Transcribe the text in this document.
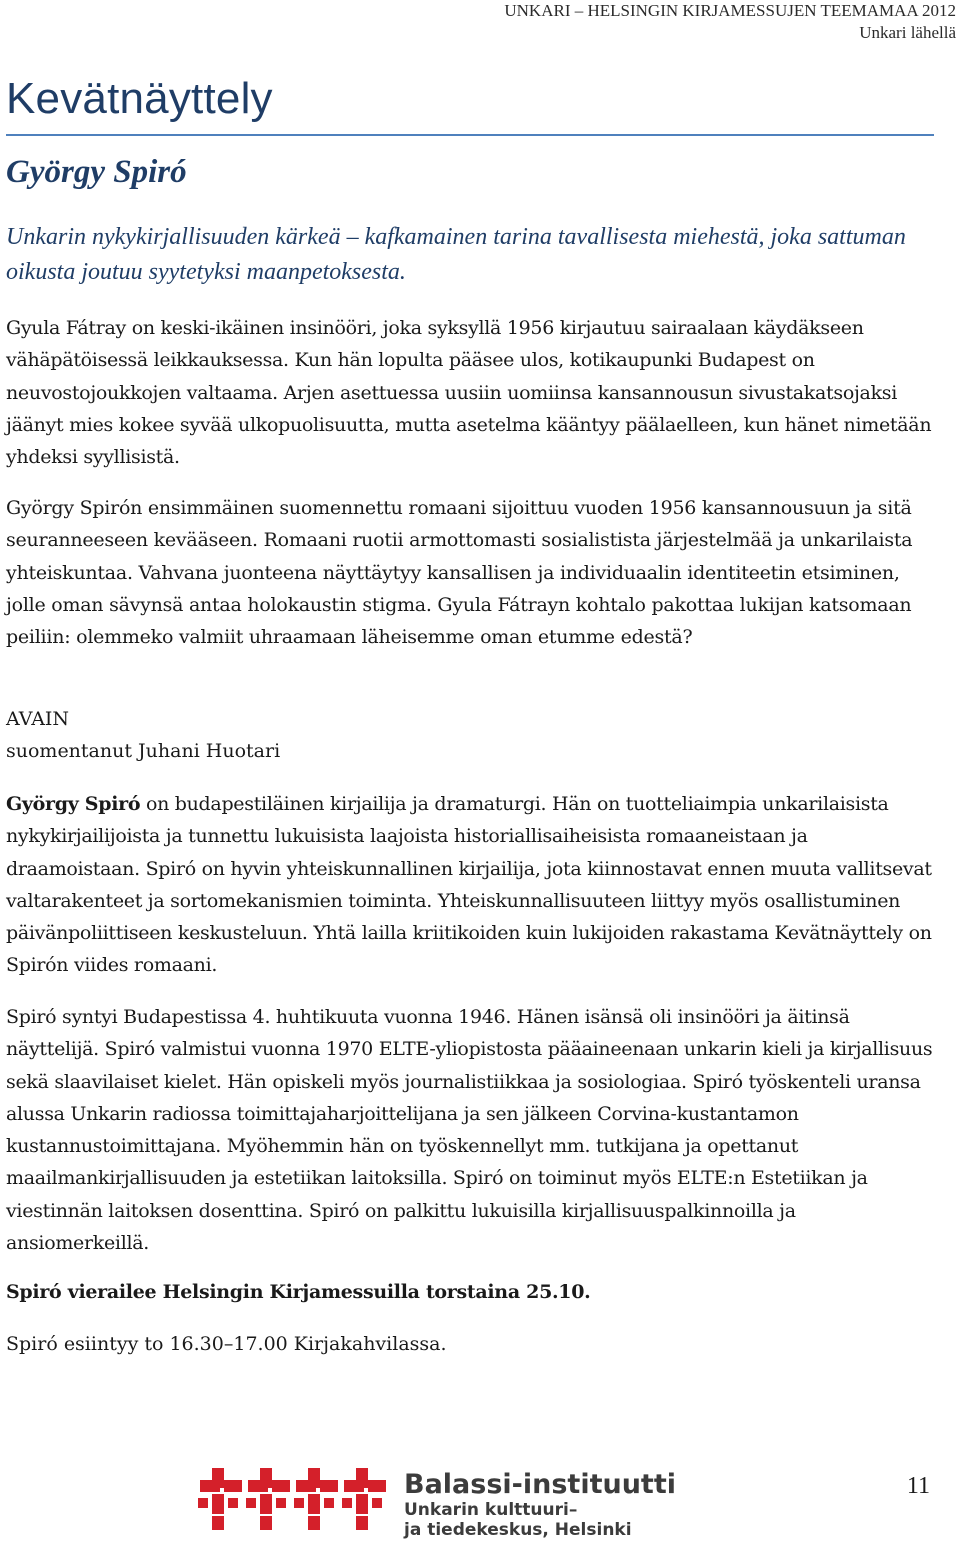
UNKARI – HELSINGIN KIRJAMESSUJEN TEEMAMAA 2012
Unkari lähellä
Kevätnäyttely
György Spiró

Unkarin nykykirjallisuuden kärkeä – kafkamainen tarina tavallisesta miehestä, joka sattuman oikusta joutuu syytetyksi maanpetoksesta.

Gyula Fátray on keski-ikäinen insinööri, joka syksyllä 1956 kirjautuu sairaalaan käydäkseen vähäpätöisessä leikkauksessa. Kun hän lopulta pääsee ulos, kotikaupunki Budapest on neuvostojoukkojen valtaama. Arjen asettuessa uusiin uomiinsa kansannousun sivustakatsojaksi jäänyt mies kokee syvää ulkopuolisuutta, mutta asetelma kääntyy päälaelleen, kun hänet nimetään yhdeksi syyllisistä.

György Spirón ensimmäinen suomennettu romaani sijoittuu vuoden 1956 kansannousuun ja sitä seuranneeseen kevääseen. Romaani ruotii armottomasti sosialistista järjestelmää ja unkarilaista yhteiskuntaa. Vahvana juonteena näyttäytyy kansallisen ja individuaalin identiteetin etsiminen, jolle oman sävynsä antaa holokaustin stigma. Gyula Fátrayn kohtalo pakottaa lukijan katsomaan peiliin: olemmeko valmiit uhraamaan läheisemme oman etumme edestä?

AVAIN
suomentanut Juhani Huotari

György Spiró on budapestiläinen kirjailija ja dramaturgi. Hän on tuotteliaimpia unkarilaisista nykykirjailijoista ja tunnettu lukuisista laajoista historiallisaiheisista romaaneistaan ja draamoistaan. Spiró on hyvin yhteiskunnallinen kirjailija, jota kiinnostavat ennen muuta vallitsevat valtarakenteet ja sortomekanismien toiminta. Yhteiskunnallisuuteen liittyy myös osallistuminen päivänpoliittiseen keskusteluun. Yhtä lailla kriitikoiden kuin lukijoiden rakastama Kevätnäyttely on Spirón viides romaani.

Spiró syntyi Budapestissa 4. huhtikuuta vuonna 1946. Hänen isänsä oli insinööri ja äitinsä näyttelijä. Spiró valmistui vuonna 1970 ELTE-yliopistosta pääaineenaan unkarin kieli ja kirjallisuus sekä slaavilaiset kielet. Hän opiskeli myös journalistiikkaa ja sosiologiaa. Spiró työskenteli uransa alussa Unkarin radiossa toimittajaharjoittelijana ja sen jälkeen Corvina-kustantamon kustannustoimittajana. Myöhemmin hän on työskennellyt mm. tutkijana ja opettanut maailmankirjallisuuden ja estetiikan laitoksilla. Spiró on toiminut myös ELTE:n Estetiikan ja viestinnän laitoksen dosenttina. Spiró on palkittu lukuisilla kirjallisuuspalkinnoilla ja ansiomerkeillä.

Spiró vierailee Helsingin Kirjamessuilla torstaina 25.10.

Spiró esiintyy to 16.30–17.00 Kirjakahvilassa.

Balassi-instituutti
Unkarin kulttuuri–
ja tiedekeskus, Helsinki
11
